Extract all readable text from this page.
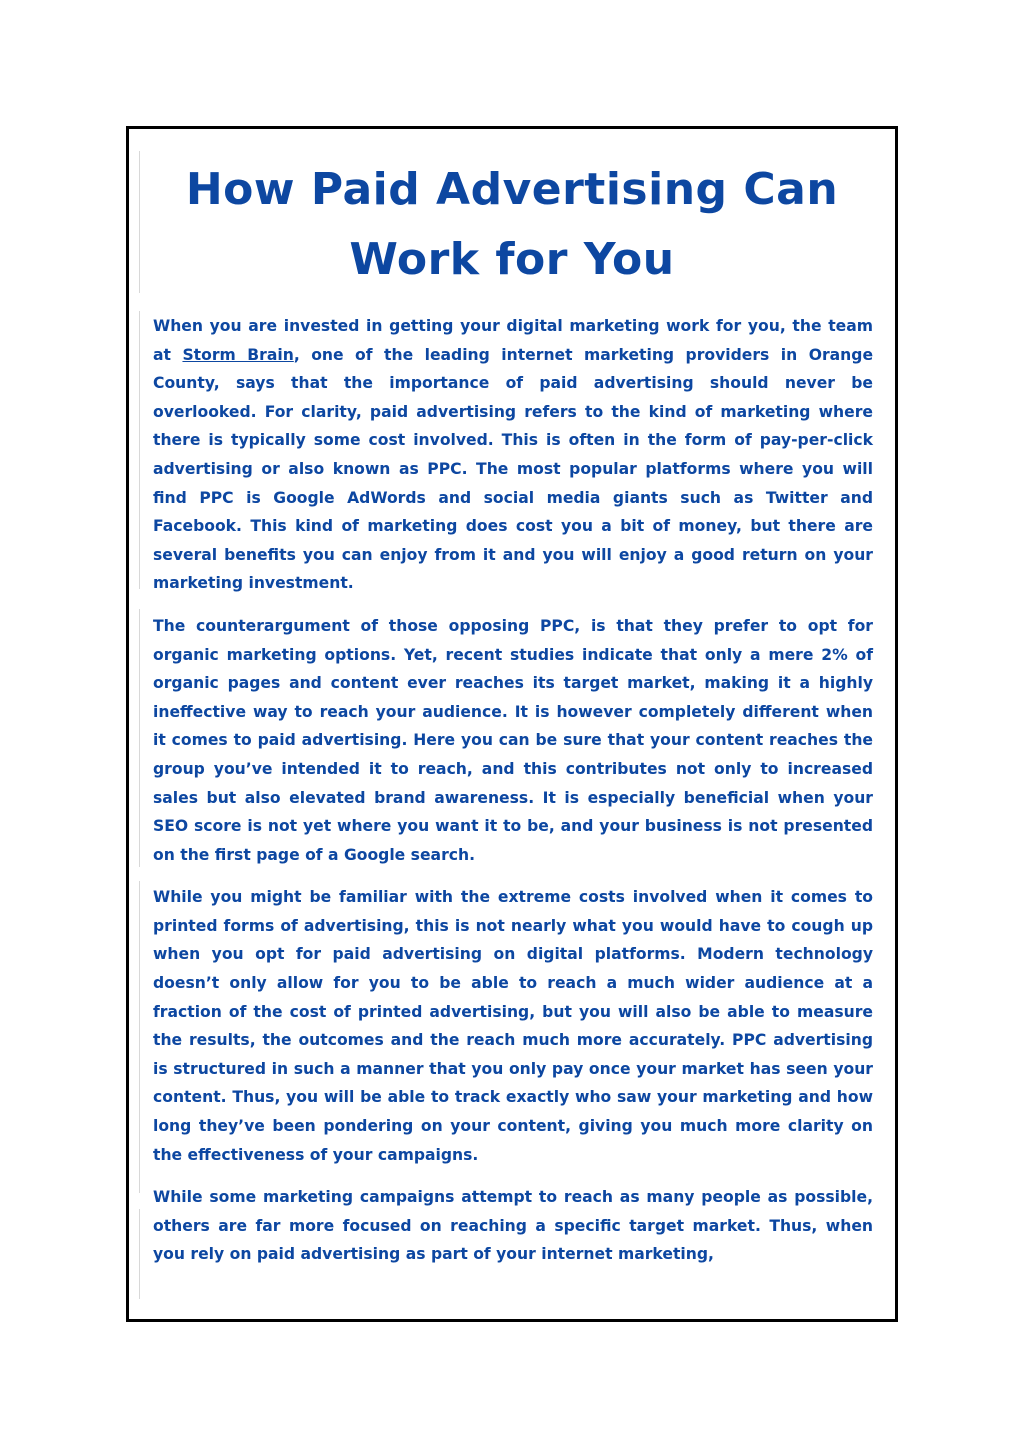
How Paid Advertising Can
Work for You

When you are invested in getting your digital marketing work for you, the team at Storm Brain, one of the leading internet marketing providers in Orange County, says that the importance of paid advertising should never be overlooked. For clarity, paid advertising refers to the kind of marketing where there is typically some cost involved. This is often in the form of pay-per-click advertising or also known as PPC. The most popular platforms where you will find PPC is Google AdWords and social media giants such as Twitter and Facebook. This kind of marketing does cost you a bit of money, but there are several benefits you can enjoy from it and you will enjoy a good return on your marketing investment.

The counterargument of those opposing PPC, is that they prefer to opt for organic marketing options. Yet, recent studies indicate that only a mere 2% of organic pages and content ever reaches its target market, making it a highly ineffective way to reach your audience. It is however completely different when it comes to paid advertising. Here you can be sure that your content reaches the group you’ve intended it to reach, and this contributes not only to increased sales but also elevated brand awareness. It is especially beneficial when your SEO score is not yet where you want it to be, and your business is not presented on the first page of a Google search.

While you might be familiar with the extreme costs involved when it comes to printed forms of advertising, this is not nearly what you would have to cough up when you opt for paid advertising on digital platforms. Modern technology doesn’t only allow for you to be able to reach a much wider audience at a fraction of the cost of printed advertising, but you will also be able to measure the results, the outcomes and the reach much more accurately. PPC advertising is structured in such a manner that you only pay once your market has seen your content. Thus, you will be able to track exactly who saw your marketing and how long they’ve been pondering on your content, giving you much more clarity on the effectiveness of your campaigns.

While some marketing campaigns attempt to reach as many people as possible, others are far more focused on reaching a specific target market. Thus, when you rely on paid advertising as part of your internet marketing,
